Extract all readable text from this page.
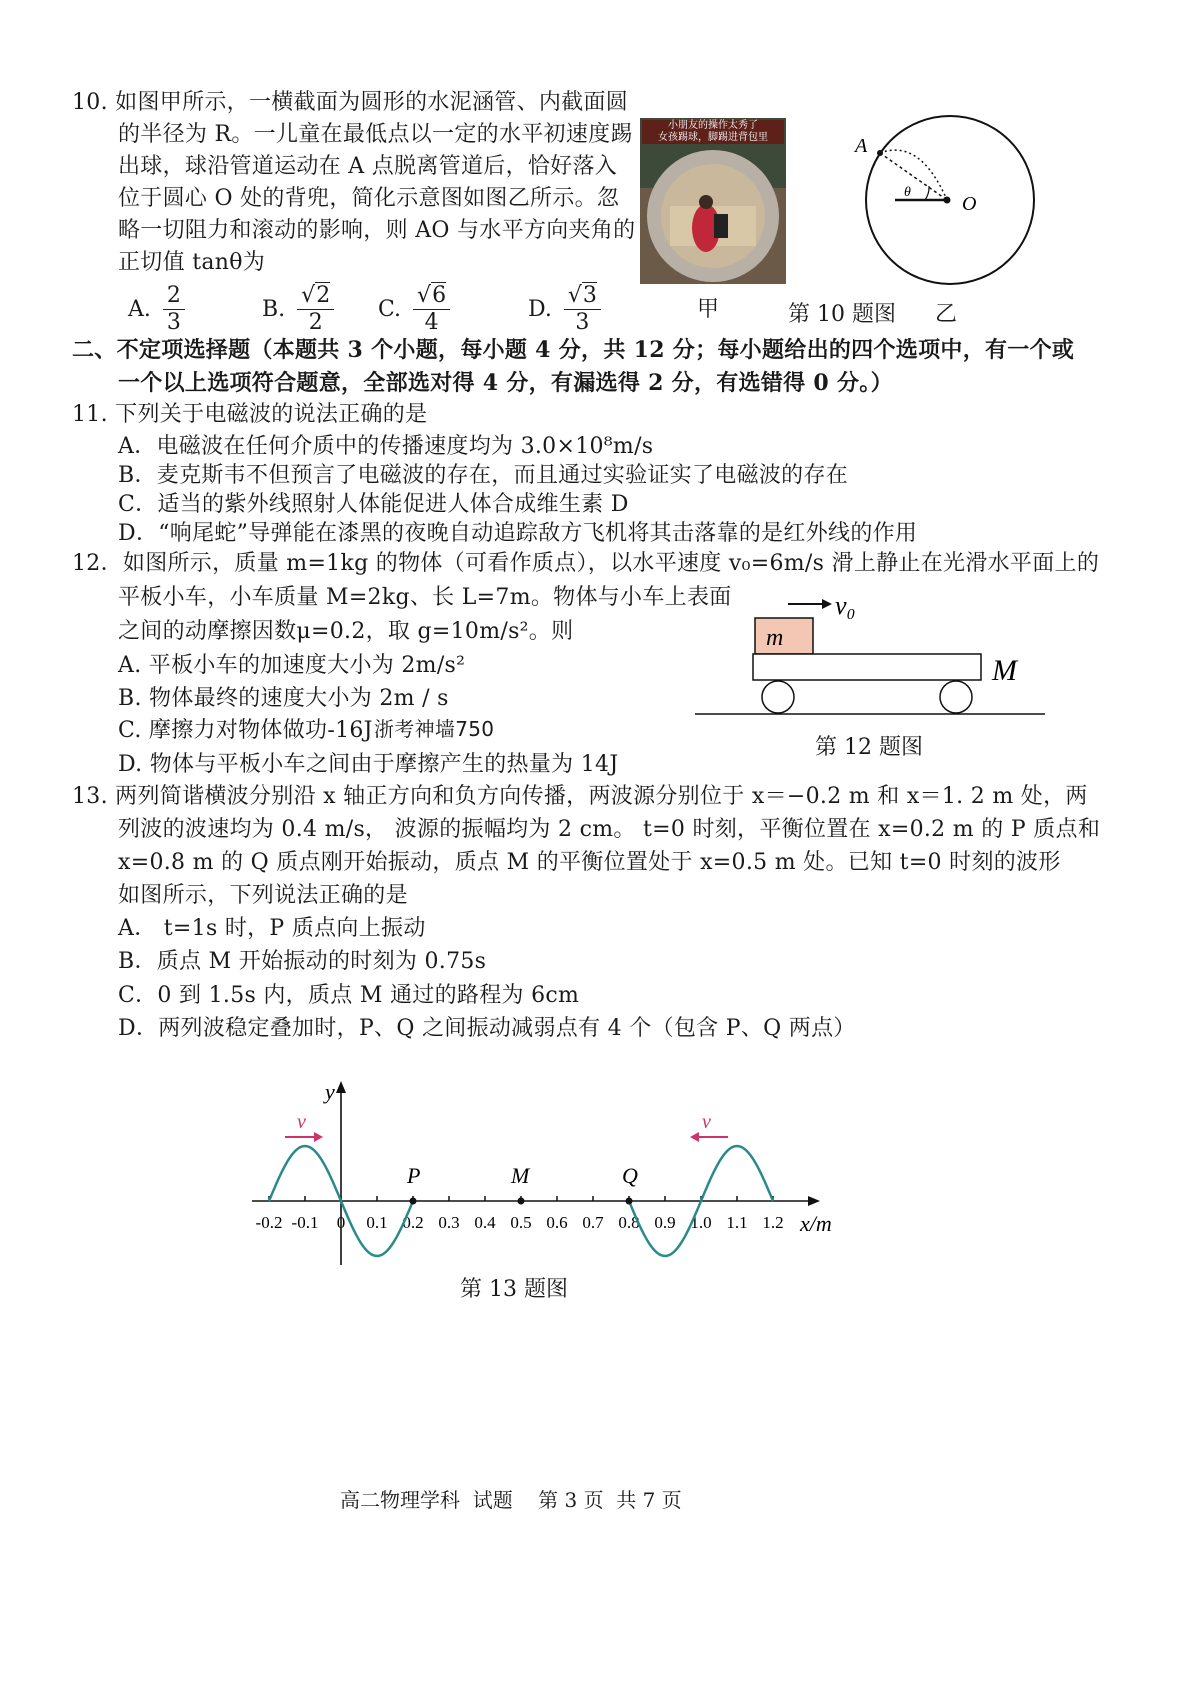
10. 如图甲所示，一横截面为圆形的水泥涵管、内截面圆
的半径为 R。一儿童在最低点以一定的水平初速度踢
出球，球沿管道运动在 A 点脱离管道后，恰好落入
位于圆心 O 处的背兜，简化示意图如图乙所示。忽
略一切阻力和滚动的影响，则 AO 与水平方向夹角的
正切值 tanθ为
A. $\frac{2}{3}$	B. $\frac{√2}{2} C$. $\frac{√6}{4}$	D. $\frac{√3}{3}$
小朋友的操作太秀了
女孩踢球，脚踢进背包里
甲	第 10 题图 乙
A
O
θ
二、不定项选择题（本题共 3 个小题，每小题 4 分，共 12 分；每小题给出的四个选项中，有一个或
一个以上选项符合题意，全部选对得 4 分，有漏选得 2 分，有选错得 0 分。）
11. 下列关于电磁波的说法正确的是
A．电磁波在任何介质中的传播速度均为 3.0×10⁸m/s
B．麦克斯韦不但预言了电磁波的存在，而且通过实验证实了电磁波的存在
C．适当的紫外线照射人体能促进人体合成维生素 D
D．“响尾蛇”导弹能在漆黑的夜晚自动追踪敌方飞机将其击落靠的是红外线的作用
12．如图所示，质量 m=1kg 的物体（可看作质点），以水平速度 v₀=6m/s 滑上静止在光滑水平面上的
平板小车，小车质量 M=2kg、长 L=7m。物体与小车上表面
之间的动摩擦因数μ=0.2，取 g=10m/s²。则
A. 平板小车的加速度大小为 2m/s²
B. 物体最终的速度大小为 2m / s
C. 摩擦力对物体做功-16J 浙考神墙750
D. 物体与平板小车之间由于摩擦产生的热量为 14J
m
v₀
M
第 12 题图
13. 两列简谐横波分别沿 x 轴正方向和负方向传播，两波源分别位于 x＝−0.2 m 和 x＝1. 2 m 处，两
列波的波速均为 0.4 m/s， 波源的振幅均为 2 cm。 t=0 时刻，平衡位置在 x=0.2 m 的 P 质点和
x=0.8 m 的 Q 质点刚开始振动，质点 M 的平衡位置处于 x=0.5 m 处。已知 t=0 时刻的波形
如图所示，下列说法正确的是
A． t=1s 时，P 质点向上振动
B．质点 M 开始振动的时刻为 0.75s
C．0 到 1.5s 内，质点 M 通过的路程为 6cm
D．两列波稳定叠加时，P、Q 之间振动减弱点有 4 个（包含 P、Q 两点）
y
x/m
-0.2 -0.1 0 0.1 0.2 0.3 0.4 0.5 0.6 0.7 0.8 0.9 1.0 1.1 1.2
v	v
P	M	Q
第 13 题图
高二物理学科  试题    第 3 页  共 7 页
